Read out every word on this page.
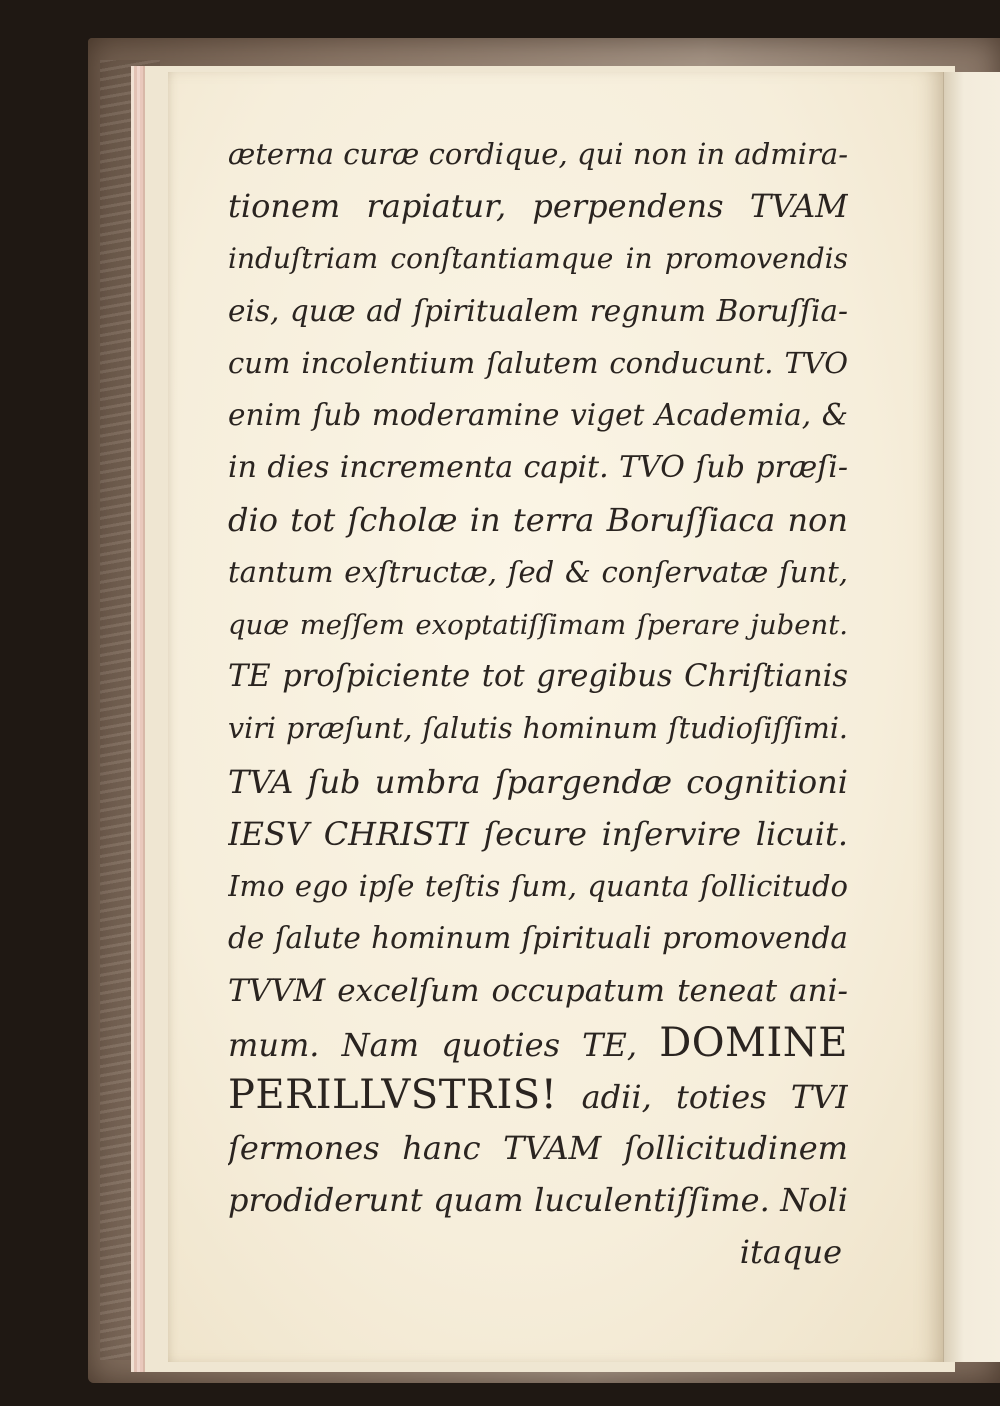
æterna curæ cordique, qui non in admira-
tionem rapiatur, perpendens TVAM
induſtriam conſtantiamque in promovendis
eis, quæ ad ſpiritualem regnum Boruſſia-
cum incolentium ſalutem conducunt. TVO
enim ſub moderamine viget Academia, &
in dies incrementa capit. TVO ſub præſi-
dio tot ſcholæ in terra Boruſſiaca non
tantum exſtructæ, ſed & conſervatæ ſunt,
quæ meſſem exoptatiſſimam ſperare jubent.
TE proſpiciente tot gregibus Chriſtianis
viri præſunt, ſalutis hominum ſtudioſiſſimi.
TVA ſub umbra ſpargendæ cognitioni
IESV CHRISTI ſecure inſervire licuit.
Imo ego ipſe teſtis ſum, quanta ſollicitudo
de ſalute hominum ſpirituali promovenda
TVVM excelſum occupatum teneat ani-
mum. Nam quoties TE, DOMINE
PERILLVSTRIS! adii, toties TVI
ſermones hanc TVAM ſollicitudinem
prodiderunt quam luculentiſſime. Noli
itaque
